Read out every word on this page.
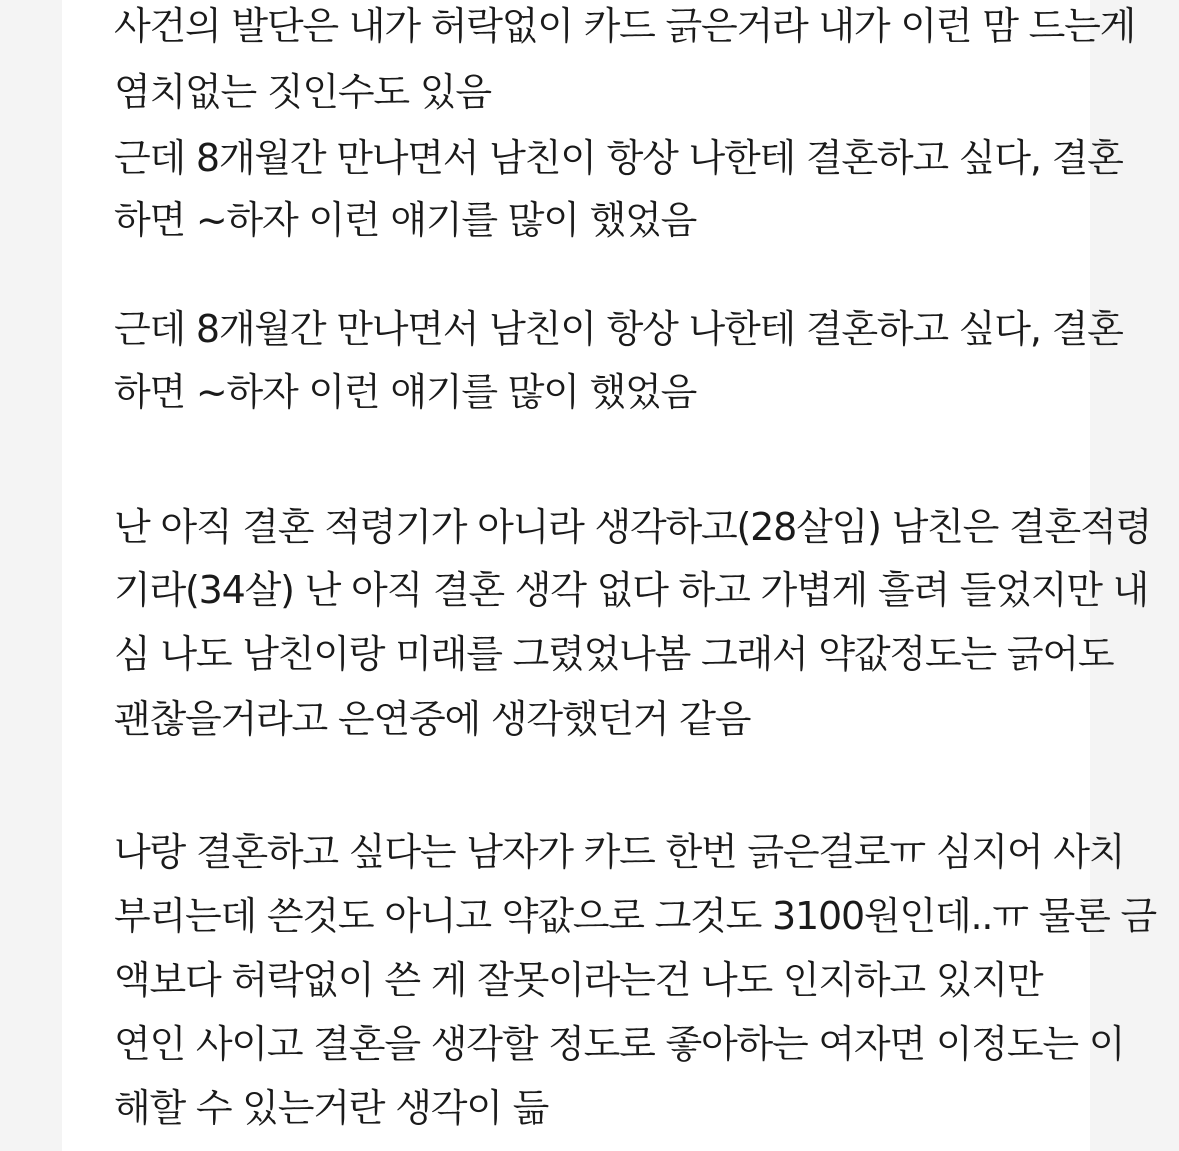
사건의 발단은 내가 허락없이 카드 긁은거라 내가 이런 맘 드는게

염치없는 짓인수도 있음

근데 8개월간 만나면서 남친이 항상 나한테 결혼하고 싶다, 결혼

하면 ~하자 이런 얘기를 많이 했었음

근데 8개월간 만나면서 남친이 항상 나한테 결혼하고 싶다, 결혼

하면 ~하자 이런 얘기를 많이 했었음

난 아직 결혼 적령기가 아니라 생각하고(28살임) 남친은 결혼적령

기라(34살) 난 아직 결혼 생각 없다 하고 가볍게 흘려 들었지만 내

심 나도 남친이랑 미래를 그렸었나봄 그래서 약값정도는 긁어도

괜찮을거라고 은연중에 생각했던거 같음

나랑 결혼하고 싶다는 남자가 카드 한번 긁은걸로ㅠ 심지어 사치

부리는데 쓴것도 아니고 약값으로 그것도 3100원인데..ㅠ 물론 금

액보다 허락없이 쓴 게 잘못이라는건 나도 인지하고 있지만

연인 사이고 결혼을 생각할 정도로 좋아하는 여자면 이정도는 이

해할 수 있는거란 생각이 듦
